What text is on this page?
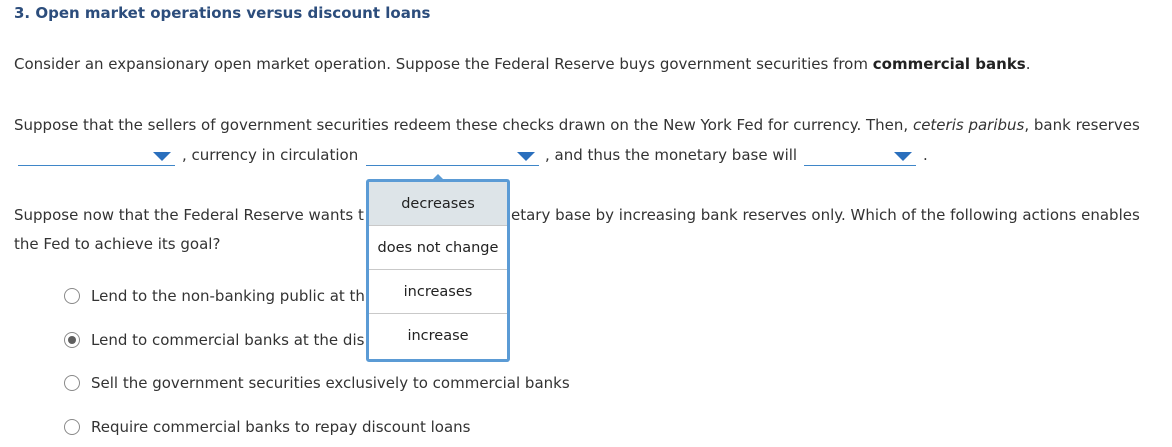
3. Open market operations versus discount loans
Consider an expansionary open market operation. Suppose the Federal Reserve buys government securities from commercial banks.
Suppose that the sellers of government securities redeem these checks drawn on the New York Fed for currency. Then, ceteris paribus, bank reserves
, currency in circulation	, and thus the monetary base will	.
Suppose now that the Federal Reserve wants t	etary base by increasing bank reserves only. Which of the following actions enables
the Fed to achieve its goal?
Lend to the non-banking public at th
Lend to commercial banks at the dis
Sell the government securities exclusively to commercial banks
Require commercial banks to repay discount loans
decreases
does not change
increases
increase
